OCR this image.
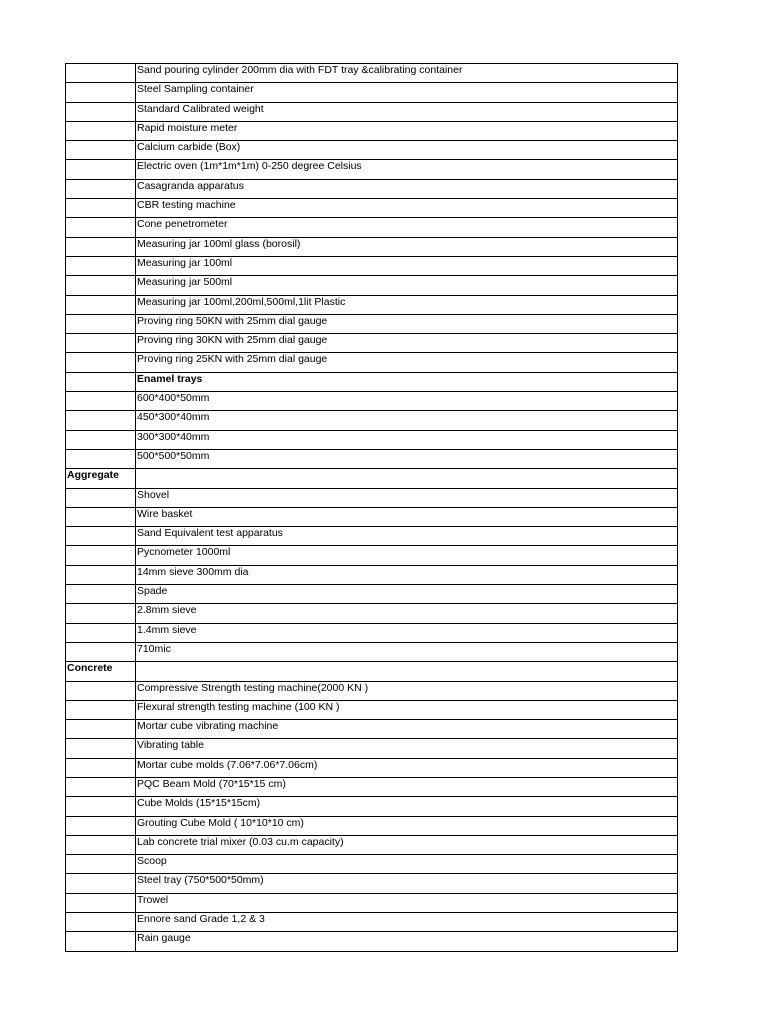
	Sand pouring cylinder 200mm dia with FDT tray &calibrating container
	Steel Sampling container
	Standard Calibrated weight
	Rapid moisture meter
	Calcium carbide (Box)
	Electric oven (1m*1m*1m) 0-250 degree Celsius
	Casagranda apparatus
	CBR testing machine
	Cone penetrometer
	Measuring jar 100ml glass (borosil)
	Measuring jar 100ml
	Measuring jar 500ml
	Measuring jar 100ml,200ml,500ml,1lit Plastic
	Proving ring 50KN with 25mm dial gauge
	Proving ring 30KN with 25mm dial gauge
	Proving ring 25KN with 25mm dial gauge
	Enamel trays
	600*400*50mm
	450*300*40mm
	300*300*40mm
	500*500*50mm
Aggregate	
	Shovel
	Wire basket
	Sand Equivalent test apparatus
	Pycnometer 1000ml
	14mm sieve 300mm dia
	Spade
	2.8mm sieve
	1.4mm sieve
	710mic
Concrete	
	Compressive Strength testing machine(2000 KN )
	Flexural strength testing machine (100 KN )
	Mortar cube vibrating machine
	Vibrating table
	Mortar cube molds (7.06*7.06*7.06cm)
	PQC Beam Mold (70*15*15 cm)
	Cube Molds (15*15*15cm)
	Grouting Cube Mold ( 10*10*10 cm)
	Lab concrete trial mixer (0.03 cu.m capacity)
	Scoop
	Steel tray (750*500*50mm)
	Trowel
	Ennore sand Grade 1,2 & 3
	Rain gauge
